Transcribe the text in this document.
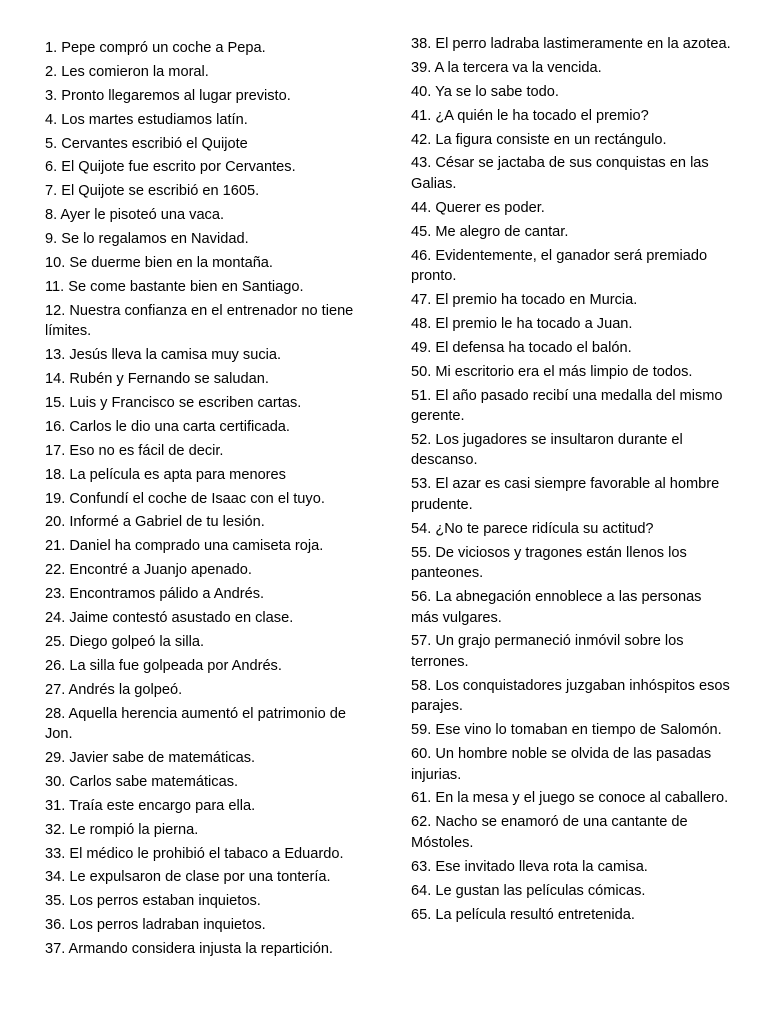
1. Pepe compró un coche a Pepa.
2. Les comieron la moral.
3. Pronto llegaremos al lugar previsto.
4. Los martes estudiamos latín.
5. Cervantes escribió el Quijote
6. El Quijote fue escrito por Cervantes.
7. El Quijote se escribió en 1605.
8. Ayer le pisoteó una vaca.
9. Se lo regalamos en Navidad.
10. Se duerme bien en la montaña.
11. Se come bastante bien en Santiago.
12. Nuestra confianza en el entrenador no tiene límites.
13. Jesús lleva la camisa muy sucia.
14. Rubén y Fernando se saludan.
15. Luis y Francisco se escriben cartas.
16. Carlos le dio una carta certificada.
17. Eso no es fácil de decir.
18. La película es apta para menores
19. Confundí el coche de Isaac con el tuyo.
20. Informé a Gabriel de tu lesión.
21. Daniel ha comprado una camiseta roja.
22. Encontré a Juanjo apenado.
23. Encontramos pálido a Andrés.
24. Jaime contestó asustado en clase.
25. Diego golpeó la silla.
26. La silla fue golpeada por Andrés.
27. Andrés la golpeó.
28. Aquella herencia aumentó el patrimonio de Jon.
29. Javier sabe de matemáticas.
30. Carlos sabe matemáticas.
31. Traía este encargo para ella.
32. Le rompió la pierna.
33. El médico le prohibió el tabaco a Eduardo.
34. Le expulsaron de clase por una tontería.
35. Los perros estaban inquietos.
36. Los perros ladraban inquietos.
37. Armando considera injusta la repartición.
38. El perro ladraba lastimeramente en la azotea.
39. A la tercera va la vencida.
40. Ya se lo sabe todo.
41. ¿A quién le ha tocado el premio?
42. La figura consiste en un rectángulo.
43. César se jactaba de sus conquistas en las Galias.
44. Querer es poder.
45. Me alegro de cantar.
46. Evidentemente, el ganador será premiado pronto.
47. El premio ha tocado en Murcia.
48. El premio le ha tocado a Juan.
49. El defensa ha tocado el balón.
50. Mi escritorio era el más limpio de todos.
51. El año pasado recibí una medalla del mismo gerente.
52. Los jugadores se insultaron durante el descanso.
53. El azar es casi siempre favorable al hombre prudente.
54. ¿No te parece ridícula su actitud?
55. De viciosos y tragones están llenos los panteones.
56. La abnegación ennoblece a las personas más vulgares.
57. Un grajo permaneció inmóvil sobre los terrones.
58. Los conquistadores juzgaban inhóspitos esos parajes.
59. Ese vino lo tomaban en tiempo de Salomón.
60. Un hombre noble se olvida de las pasadas injurias.
61. En la mesa y el juego se conoce al caballero.
62. Nacho se enamoró de una cantante de Móstoles.
63. Ese invitado lleva rota la camisa.
64. Le gustan las películas cómicas.
65. La película resultó entretenida.
